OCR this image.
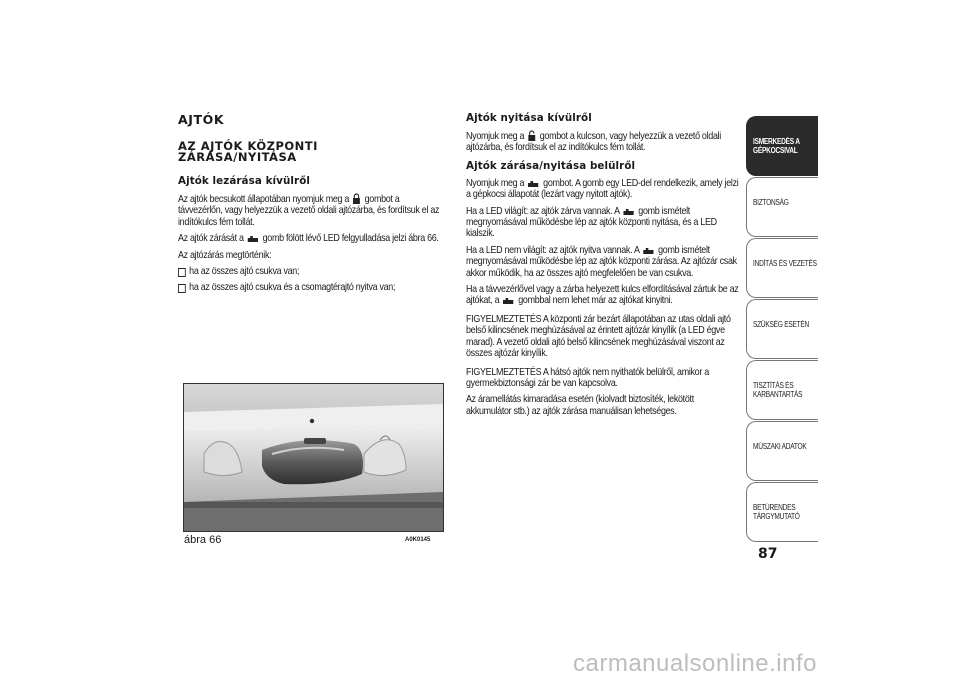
AJTÓK
AZ AJTÓK KÖZPONTI ZÁRÁSA/NYITÁSA
Ajtók lezárása kívülről

Az ajtók becsukott állapotában nyomjuk meg a gombot a távvezérlőn, vagy helyezzük a vezető oldali ajtózárba, és fordítsuk el az indítókulcs fém tollát.

Az ajtók zárását a gomb fölött lévő LED felgyulladása jelzi ábra 66.

Az ajtózárás megtörténik:

ha az összes ajtó csukva van;
ha az összes ajtó csukva és a csomagtérajtó nyitva van;
ábra 66	A0K0145
Ajtók nyitása kívülről

Nyomjuk meg a gombot a kulcson, vagy helyezzük a vezető oldali ajtózárba, és fordítsuk el az indítókulcs fém tollát.

Ajtók zárása/nyitása belülről

Nyomjuk meg a gombot. A gomb egy LED-del rendelkezik, amely jelzi a gépkocsi állapotát (lezárt vagy nyitott ajtók).

Ha a LED világít: az ajtók zárva vannak. A gomb ismételt megnyomásával működésbe lép az ajtók központi nyitása, és a LED kialszik.

Ha a LED nem világít: az ajtók nyitva vannak. A gomb ismételt megnyomásával működésbe lép az ajtók központi zárása. Az ajtózár csak akkor működik, ha az összes ajtó megfelelően be van csukva.

Ha a távvezérlővel vagy a zárba helyezett kulcs elfordításával zártuk be az ajtókat, a gombbal nem lehet már az ajtókat kinyitni.

FIGYELMEZTETÉS A központi zár bezárt állapotában az utas oldali ajtó belső kilincsének meghúzásával az érintett ajtózár kinyílik (a LED égve marad). A vezető oldali ajtó belső kilincsének meghúzásával viszont az összes ajtózár kinyílik.

FIGYELMEZTETÉS A hátsó ajtók nem nyithatók belülről, amikor a gyermekbiztonsági zár be van kapcsolva.

Az áramellátás kimaradása esetén (kiolvadt biztosíték, lekötött akkumulátor stb.) az ajtók zárása manuálisan lehetséges.

ISMERKEDÉS A GÉPKOCSIVAL
BIZTONSÁG
INDÍTÁS ÉS VEZETÉS
SZÜKSÉG ESETÉN
TISZTÍTÁS ÉS KARBANTARTÁS
MŰSZAKI ADATOK
BETŰRENDES TÁRGYMUTATÓ
87
carmanualsonline.info
